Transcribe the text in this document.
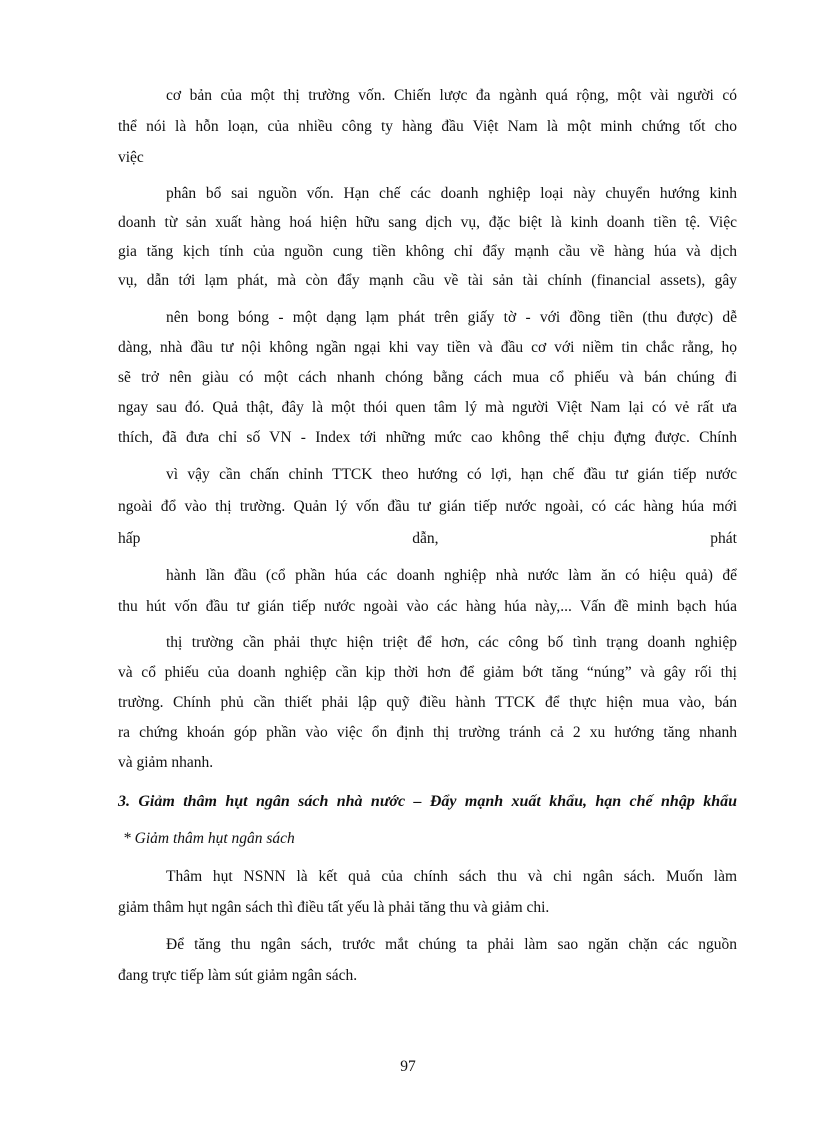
cơ bản của một thị trường vốn. Chiến lược đa ngành quá rộng, một vài người có
thể nói là hỗn loạn, của nhiều công ty hàng đầu Việt Nam là một minh chứng tốt cho
việc
phân bổ sai nguồn vốn. Hạn chế các doanh nghiệp loại này chuyển hướng kinh
doanh từ sản xuất hàng hoá hiện hữu sang dịch vụ, đặc biệt là kinh doanh tiền tệ. Việc
gia tăng kịch tính của nguồn cung tiền không chỉ đẩy mạnh cầu về hàng húa và dịch
vụ, dẫn tới lạm phát, mà còn đẩy mạnh cầu về tài sản tài chính (financial assets), gây
nên bong bóng - một dạng lạm phát trên giấy tờ - với đồng tiền (thu được) dễ
dàng, nhà đầu tư nội không ngần ngại khi vay tiền và đầu cơ với niềm tin chắc rằng, họ
sẽ trở nên giàu có một cách nhanh chóng bằng cách mua cổ phiếu và bán chúng đi
ngay sau đó. Quả thật, đây là một thói quen tâm lý mà người Việt Nam lại có vẻ rất ưa
thích, đã đưa chỉ số VN - Index tới những mức cao không thể chịu đựng được. Chính
vì vậy cần chấn chỉnh TTCK theo hướng có lợi, hạn chế đầu tư gián tiếp nước
ngoài đổ vào thị trường. Quản lý vốn đầu tư gián tiếp nước ngoài, có các hàng húa mới
hấp dẫn, phát
hành lần đầu (cổ phần húa các doanh nghiệp nhà nước làm ăn có hiệu quả) để
thu hút vốn đầu tư gián tiếp nước ngoài vào các hàng húa này,... Vấn đề minh bạch húa
thị trường cần phải thực hiện triệt để hơn, các công bố tình trạng doanh nghiệp
và cổ phiếu của doanh nghiệp cần kịp thời hơn để giảm bớt tăng “núng” và gây rối thị
trường. Chính phủ cần thiết phải lập quỹ điều hành TTCK để thực hiện mua vào, bán
ra chứng khoán góp phần vào việc ổn định thị trường tránh cả 2 xu hướng tăng nhanh
và giảm nhanh.
3. Giảm thâm hụt ngân sách nhà nước – Đẩy mạnh xuất khẩu, hạn chế nhập khẩu
* Giảm thâm hụt ngân sách
Thâm hụt NSNN là kết quả của chính sách thu và chi ngân sách. Muốn làm
giảm thâm hụt ngân sách thì điều tất yếu là phải tăng thu và giảm chi.
Để tăng thu ngân sách, trước mắt chúng ta phải làm sao ngăn chặn các nguồn
đang trực tiếp làm sút giảm ngân sách.
97
